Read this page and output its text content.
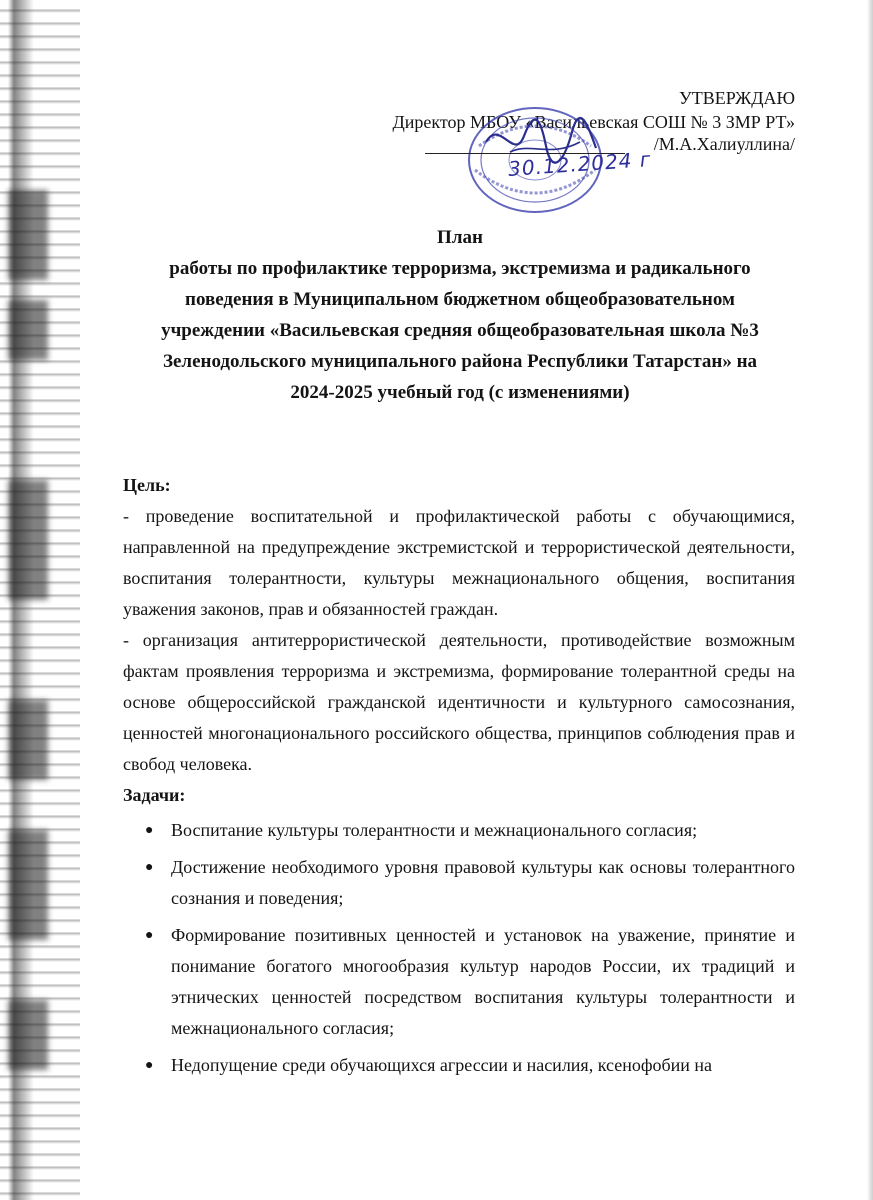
УТВЕРЖДАЮ
Директор МБОУ «Васильевская СОШ № 3 ЗМР РТ»
/М.А.Халиуллина/
30.12.2024 г
План
работы по профилактике терроризма, экстремизма и радикального
поведения в Муниципальном бюджетном общеобразовательном
учреждении «Васильевская средняя общеобразовательная школа №3
Зеленодольского муниципального района Республики Татарстан» на
2024-2025 учебный год (с изменениями)

Цель:

- проведение воспитательной и профилактической работы с обучающимися, направленной на предупреждение экстремистской и террористической деятельности, воспитания толерантности, культуры межнационального общения, воспитания уважения законов, прав и обязанностей граждан.

- организация антитеррористической деятельности, противодействие возможным фактам проявления терроризма и экстремизма, формирование толерантной среды на основе общероссийской гражданской идентичности и культурного самосознания, ценностей многонационального российского общества, принципов соблюдения прав и свобод человека.

Задачи:

● Воспитание культуры толерантности и межнационального согласия;
● Достижение необходимого уровня правовой культуры как основы толерантного сознания и поведения;
● Формирование позитивных ценностей и установок на уважение, принятие и понимание богатого многообразия культур народов России, их традиций и этнических ценностей посредством воспитания культуры толерантности и межнационального согласия;
● Недопущение среди обучающихся агрессии и насилия, ксенофобии на
